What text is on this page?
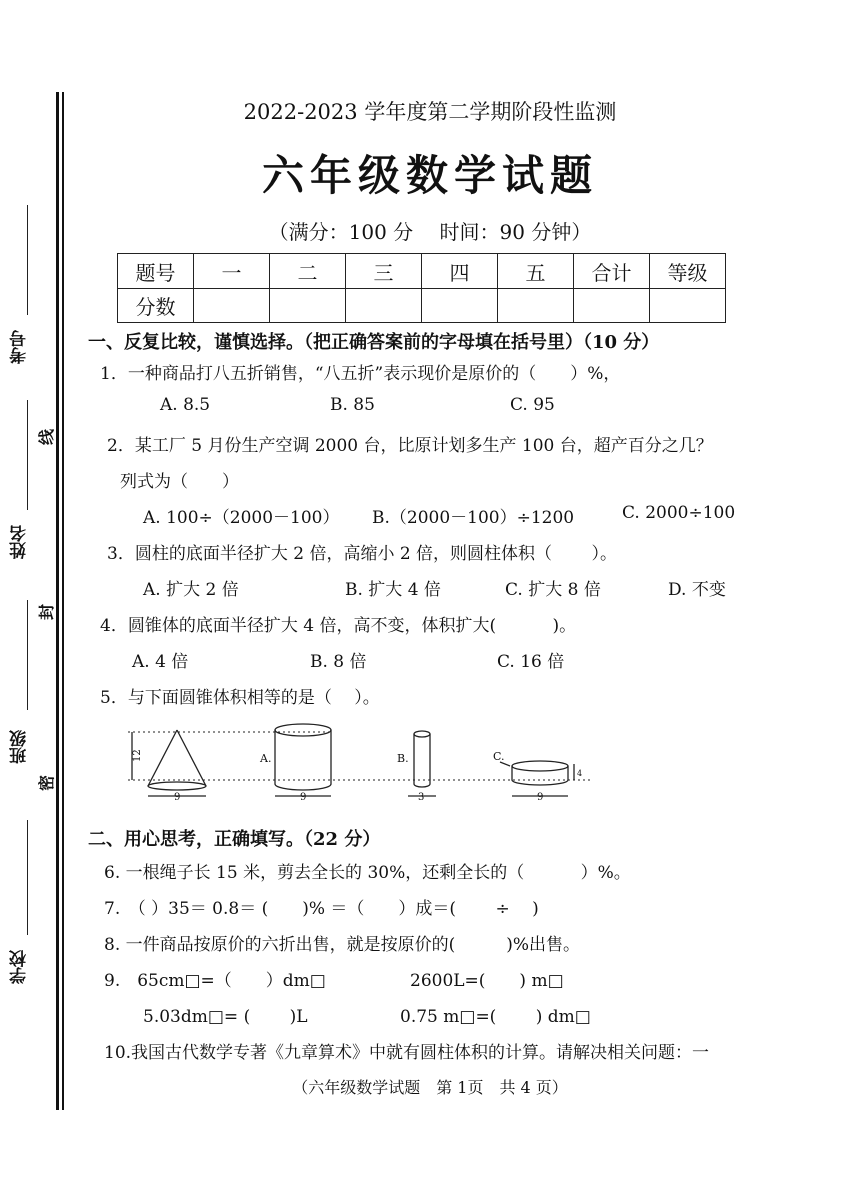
考号
姓名
班级
学校
线
封
密
2022-2023 学年度第二学期阶段性监测
六年级数学试题
（满分：100 分　 时间：90 分钟）
题号	一	二	三	四	五	合计	等级
分数							
一、反复比较，谨慎选择。（把正确答案前的字母填在括号里）（10 分）
1．一种商品打八五折销售，“八五折”表示现价是原价的（　　）%，
A. 8.5	B. 85	C. 95
2．某工厂 5 月份生产空调 2000 台，比原计划多生产 100 台，超产百分之几？
列式为（　　）
A. 100÷（2000－100） B.（2000－100）÷1200	C. 2000÷100
3．圆柱的底面半径扩大 2 倍，高缩小 2 倍，则圆柱体积（　　 ）。
A. 扩大 2 倍	B. 扩大 4 倍	C. 扩大 8 倍	D. 不变
4．圆锥体的底面半径扩大 4 倍，高不变，体积扩大(　　　 )。
A. 4 倍	B. 8 倍	C. 16 倍
5．与下面圆锥体积相等的是（　 ）。
12
9
A.
9
B.
3
C.
4
9
二、用心思考，正确填写。（22 分）
6. 一根绳子长 15 米，剪去全长的 30%，还剩全长的（　　　 ）%。
7.　（ ）35＝ 0.8＝ (　　)% ＝（　　）成＝(　　 ÷　 )
8. 一件商品按原价的六折出售，就是按原价的(　　　)%出售。
9.　65cm□=（　　）dm□	2600L=(　　) m□
5.03dm□= (　　 )L	0.75 m□=(　　 ) dm□
10.我国古代数学专著《九章算术》中就有圆柱体积的计算。请解决相关问题：一
（六年级数学试题　第 1页　共 4 页）
